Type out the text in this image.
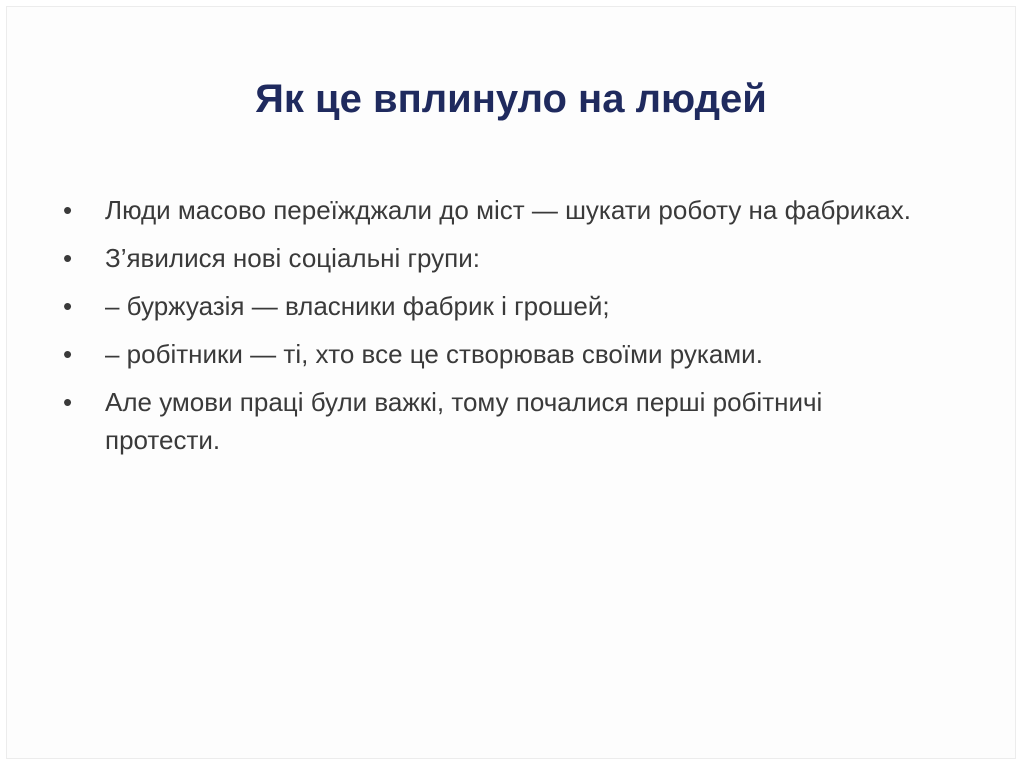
Як це вплинуло на людей
• Люди масово переїжджали до міст — шукати роботу на фабриках.
• З’явилися нові соціальні групи:
• – буржуазія — власники фабрик і грошей;
• – робітники — ті, хто все це створював своїми руками.
• Але умови праці були важкі, тому почалися перші робітничі протести.
